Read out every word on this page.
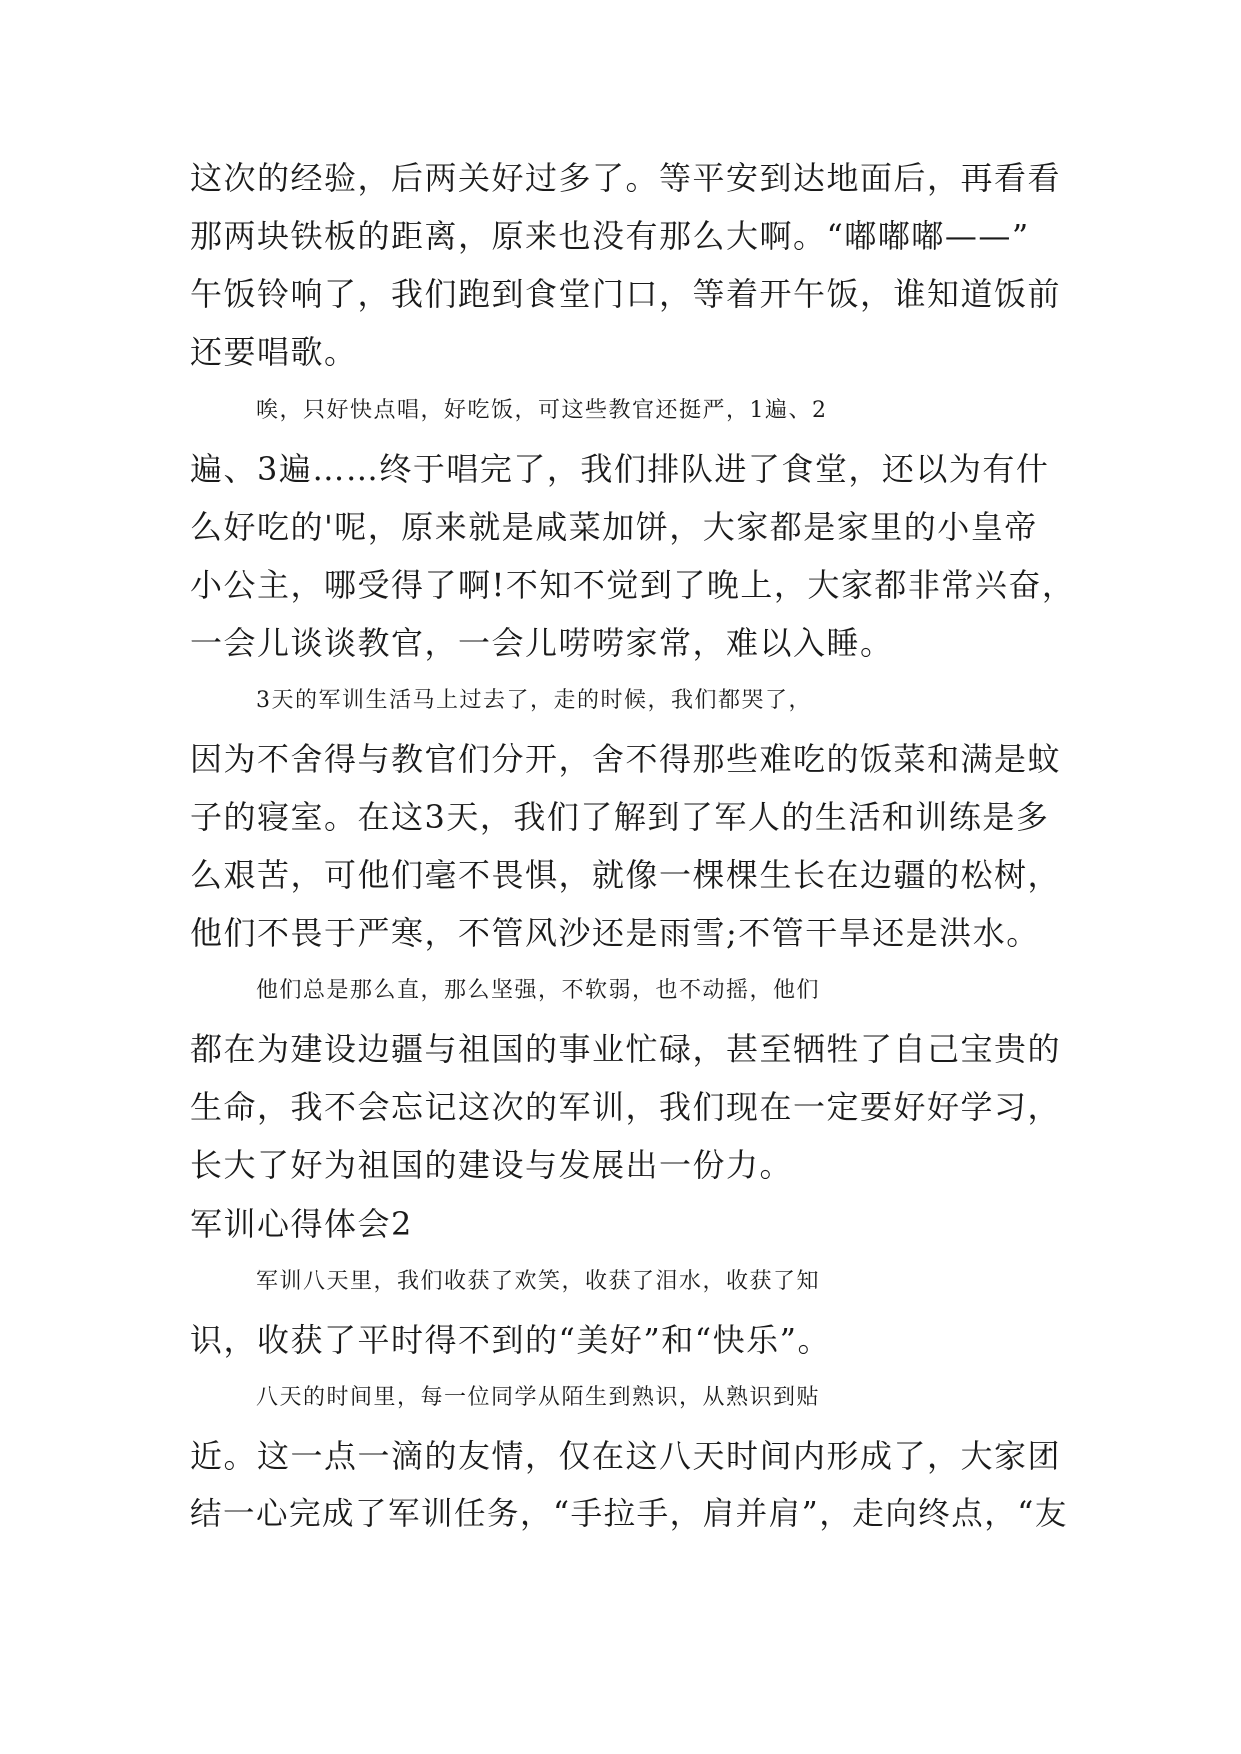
这次的经验，后两关好过多了。等平安到达地面后，再看看
那两块铁板的距离，原来也没有那么大啊。“嘟嘟嘟——”
午饭铃响了，我们跑到食堂门口，等着开午饭，谁知道饭前
还要唱歌。
唉，只好快点唱，好吃饭，可这些教官还挺严，1遍、2
遍、3遍……终于唱完了，我们排队进了食堂，还以为有什
么好吃的'呢，原来就是咸菜加饼，大家都是家里的小皇帝
小公主，哪受得了啊!不知不觉到了晚上，大家都非常兴奋，
一会儿谈谈教官，一会儿唠唠家常，难以入睡。
3天的军训生活马上过去了，走的时候，我们都哭了，
因为不舍得与教官们分开，舍不得那些难吃的饭菜和满是蚊
子的寝室。在这3天，我们了解到了军人的生活和训练是多
么艰苦，可他们毫不畏惧，就像一棵棵生长在边疆的松树，
他们不畏于严寒，不管风沙还是雨雪;不管干旱还是洪水。
他们总是那么直，那么坚强，不软弱，也不动摇，他们
都在为建设边疆与祖国的事业忙碌，甚至牺牲了自己宝贵的
生命，我不会忘记这次的军训，我们现在一定要好好学习，
长大了好为祖国的建设与发展出一份力。
军训心得体会2
军训八天里，我们收获了欢笑，收获了泪水，收获了知
识，收获了平时得不到的“美好”和“快乐”。
八天的时间里，每一位同学从陌生到熟识，从熟识到贴
近。这一点一滴的友情，仅在这八天时间内形成了，大家团
结一心完成了军训任务，“手拉手，肩并肩”，走向终点，“友
